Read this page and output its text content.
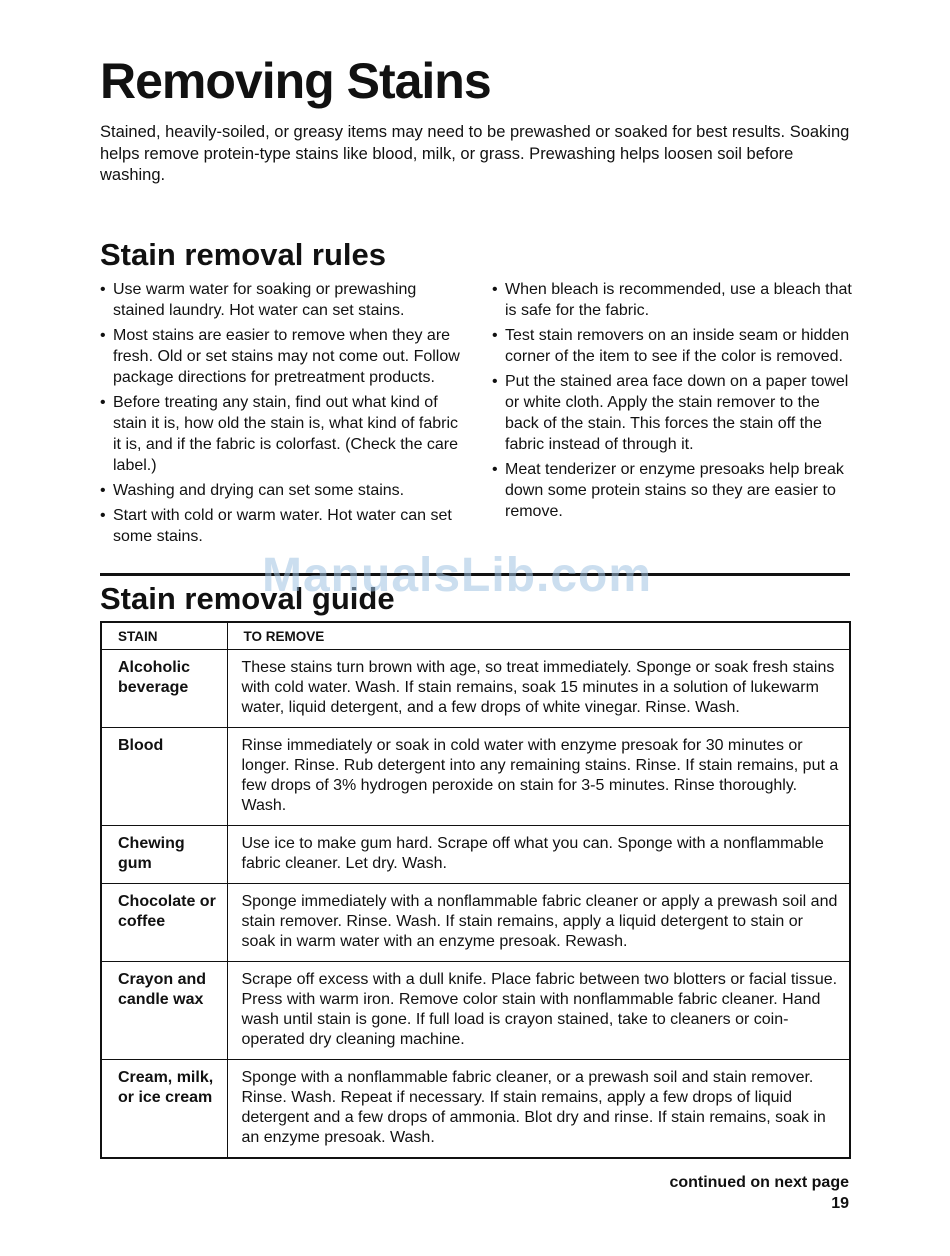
Removing Stains

Stained, heavily-soiled, or greasy items may need to be prewashed or soaked for best results. Soaking helps remove protein-type stains like blood, milk, or grass. Prewashing helps loosen soil before washing.

Stain removal rules
• Use warm water for soaking or prewashing stained laundry. Hot water can set stains.
• Most stains are easier to remove when they are fresh. Old or set stains may not come out. Follow package directions for pretreatment products.
• Before treating any stain, find out what kind of stain it is, how old the stain is, what kind of fabric it is, and if the fabric is colorfast. (Check the care label.)
• Washing and drying can set some stains.
• Start with cold or warm water. Hot water can set some stains.
• When bleach is recommended, use a bleach that is safe for the fabric.
• Test stain removers on an inside seam or hidden corner of the item to see if the color is removed.
• Put the stained area face down on a paper towel or white cloth. Apply the stain remover to the back of the stain. This forces the stain off the fabric instead of through it.
• Meat tenderizer or enzyme presoaks help break down some protein stains so they are easier to remove.
Stain removal guide
ManualsLib.com
STAIN	TO REMOVE
Alcoholic beverage	These stains turn brown with age, so treat immediately. Sponge or soak fresh stains with cold water. Wash. If stain remains, soak 15 minutes in a solution of lukewarm water, liquid detergent, and a few drops of white vinegar. Rinse. Wash.
Blood	Rinse immediately or soak in cold water with enzyme presoak for 30 minutes or longer. Rinse. Rub detergent into any remaining stains. Rinse. If stain remains, put a few drops of 3% hydrogen peroxide on stain for 3-5 minutes. Rinse thoroughly. Wash.
Chewing gum	Use ice to make gum hard. Scrape off what you can. Sponge with a nonflammable fabric cleaner. Let dry. Wash.
Chocolate or coffee	Sponge immediately with a nonflammable fabric cleaner or apply a prewash soil and stain remover. Rinse. Wash. If stain remains, apply a liquid detergent to stain or soak in warm water with an enzyme presoak. Rewash.
Crayon and candle wax	Scrape off excess with a dull knife. Place fabric between two blotters or facial tissue. Press with warm iron. Remove color stain with nonflammable fabric cleaner. Hand wash until stain is gone. If full load is crayon stained, take to cleaners or coin-operated dry cleaning machine.
Cream, milk, or ice cream	Sponge with a nonflammable fabric cleaner, or a prewash soil and stain remover. Rinse. Wash. Repeat if necessary. If stain remains, apply a few drops of liquid detergent and a few drops of ammonia. Blot dry and rinse. If stain remains, soak in an enzyme presoak. Wash.

continued on next page

19
